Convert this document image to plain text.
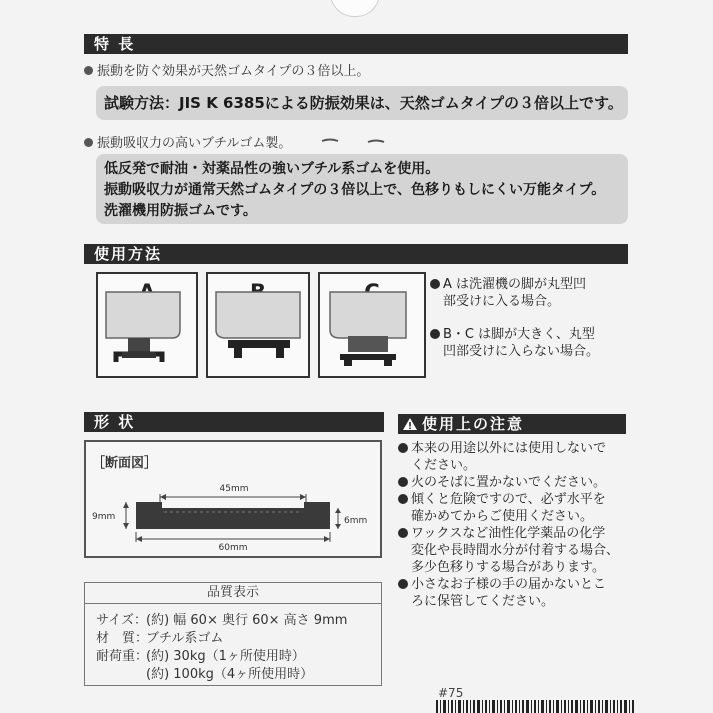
特 長
振動を防ぐ効果が天然ゴムタイプの３倍以上。
試験方法：JIS K 6385による防振効果は、天然ゴムタイプの３倍以上です。
振動吸収力の高いブチルゴム製。
低反発で耐油・対薬品性の強いブチル系ゴムを使用。
振動吸収力が通常天然ゴムタイプの３倍以上で、色移りもしにくい万能タイプ。
洗濯機用防振ゴムです。
使用方法
A は洗濯機の脚が丸型凹
部受けに入る場合。
B・C は脚が大きく、丸型
凹部受けに入らない場合。
形 状
［断面図］
45mm
9mm	6mm
60mm
品質表示
サイズ：(約) 幅 60× 奥行 60× 高さ 9mm
材　質：ブチル系ゴム
耐荷重：(約) 30kg（1ヶ所使用時）
(約) 100kg（4ヶ所使用時）
使用上の注意
本来の用途以外には使用しないで
ください。
火のそばに置かないでください。
傾くと危険ですので、必ず水平を
確かめてからご使用ください。
ワックスなど油性化学薬品の化学
変化や長時間水分が付着する場合、
多少色移りする場合があります。
小さなお子様の手の届かないとこ
ろに保管してください。
#75
